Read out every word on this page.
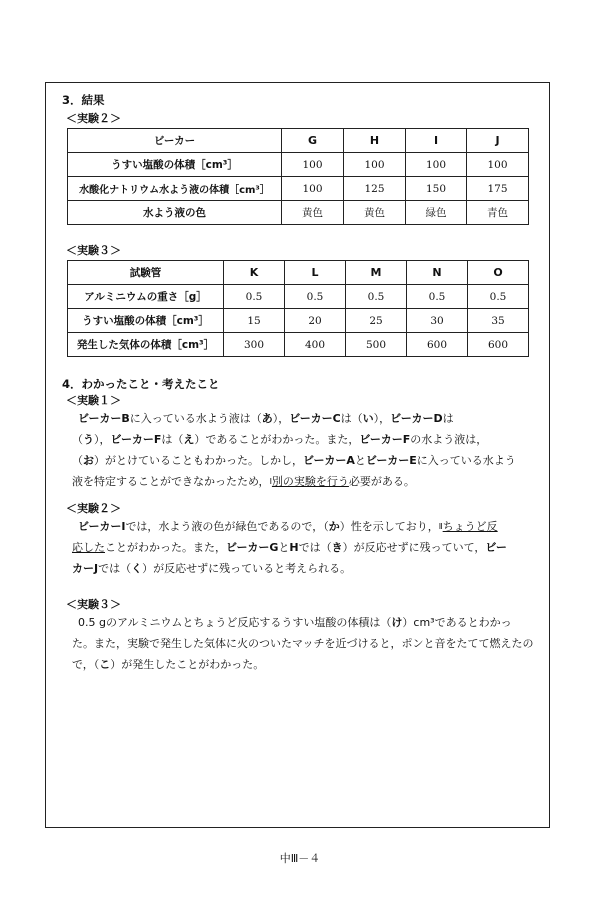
3．結果
＜実験２＞
ビーカー	G	H	I	J
うすい塩酸の体積［cm³］	100	100	100	100
水酸化ナトリウム水よう液の体積［cm³］	100	125	150	175
水よう液の色	黄色	黄色	緑色	青色
＜実験３＞
試験管	K	L	M	N	O
アルミニウムの重さ［g］	0.5	0.5	0.5	0.5	0.5
うすい塩酸の体積［cm³］	15	20	25	30	35
発生した気体の体積［cm³］	300	400	500	600	600
4．わかったこと・考えたこと
＜実験１＞
ビーカーBに入っている水よう液は（あ），ビーカーCは（い），ビーカーDは
（う），ビーカーFは（え）であることがわかった。また，ビーカーFの水よう液は，
（お）がとけていることもわかった。しかし，ビーカーAとビーカーEに入っている水よう
液を特定することができなかったため，Ⅰ別の実験を行う必要がある。
＜実験２＞
ビーカーIでは，水よう液の色が緑色であるので，（か）性を示しており，Ⅱちょうど反
応したことがわかった。また，ビーカーGとHでは（き）が反応せずに残っていて，ビー
カーJでは（く）が反応せずに残っていると考えられる。
＜実験３＞
0.5 gのアルミニウムとちょうど反応するうすい塩酸の体積は（け）cm³であるとわかっ
た。また，実験で発生した気体に火のついたマッチを近づけると，ポンと音をたてて燃えたの
で，（こ）が発生したことがわかった。
中Ⅲ－４
